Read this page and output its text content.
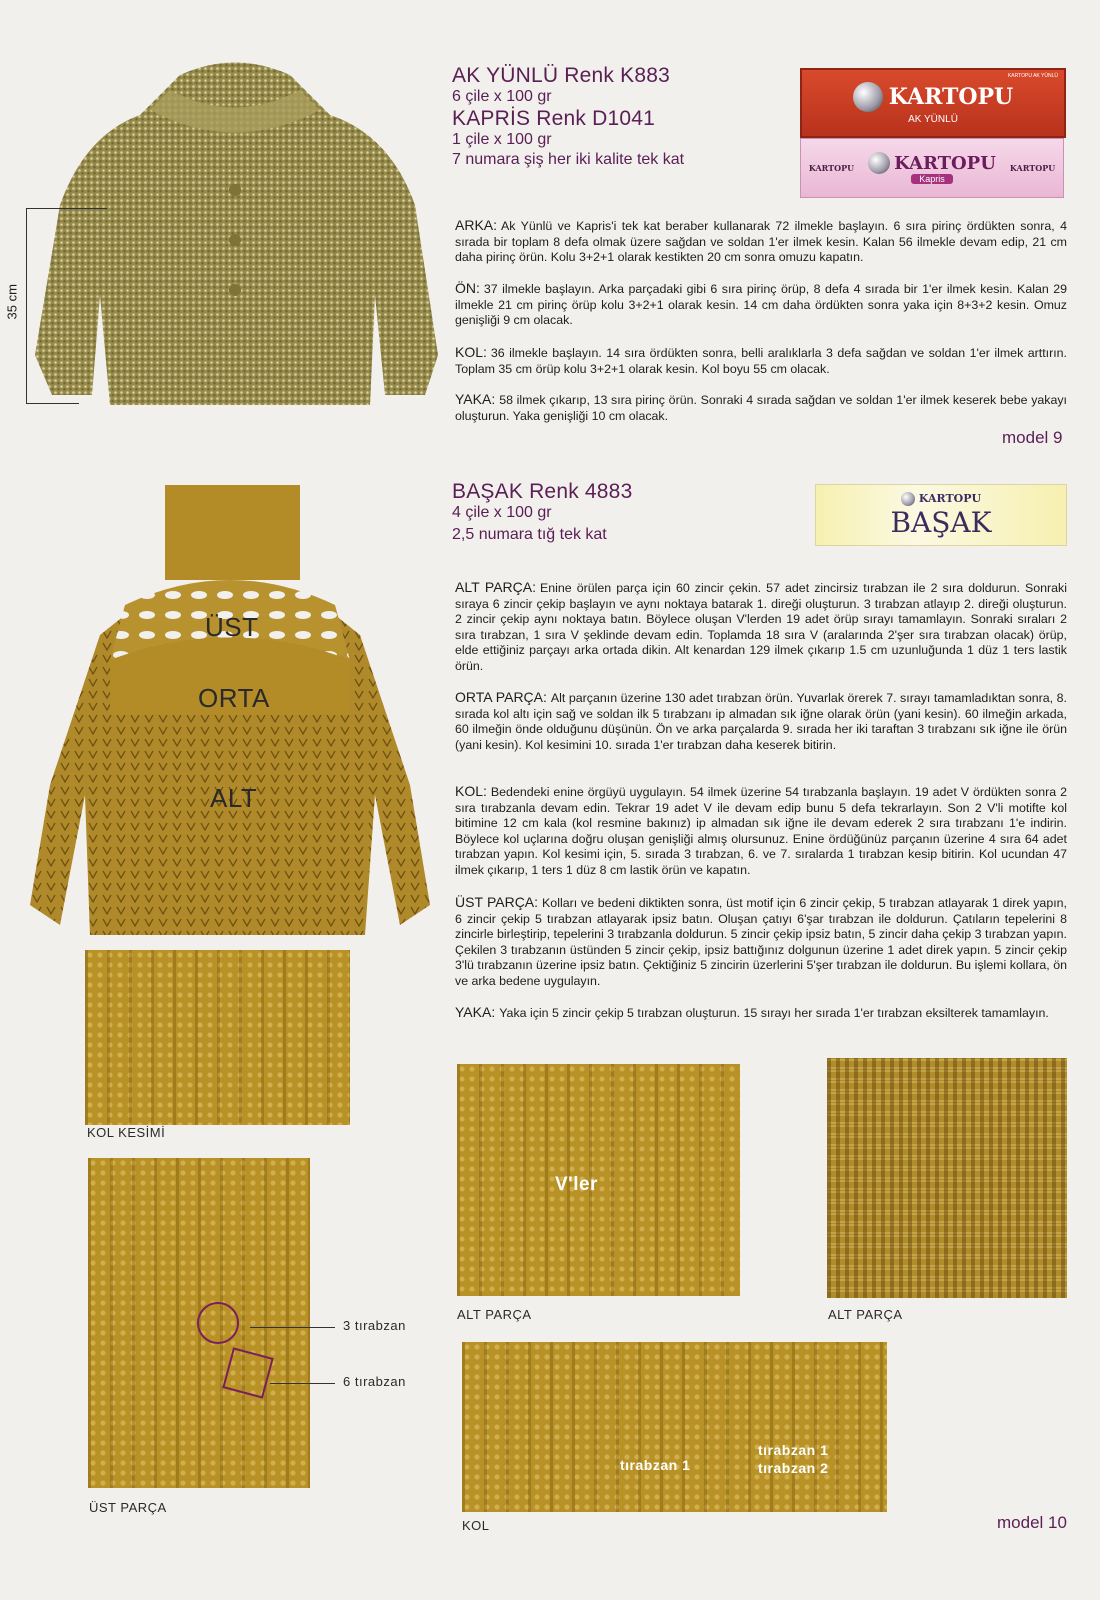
35 cm
AK YÜNLÜ Renk K883
6 çile x 100 gr
KAPRİS Renk D1041
1 çile x 100 gr
7 numara şiş her iki kalite tek kat
KARTOPU
AK YÜNLÜ
KARTOPU AK YÜNLÜ
KARTOPU KARTOPU
Kapris
KARTOPU

ARKA: Ak Yünlü ve Kapris'i tek kat beraber kullanarak 72 ilmekle başlayın. 6 sıra pirinç ördükten sonra, 4 sırada bir toplam 8 defa olmak üzere sağdan ve soldan 1'er ilmek kesin. Kalan 56 ilmekle devam edip, 21 cm daha pirinç örün. Kolu 3+2+1 olarak kestikten 20 cm sonra omuzu kapatın.

ÖN: 37 ilmekle başlayın. Arka parçadaki gibi 6 sıra pirinç örüp, 8 defa 4 sırada bir 1'er ilmek kesin. Kalan 29 ilmekle 21 cm pirinç örüp kolu 3+2+1 olarak kesin. 14 cm daha ördükten sonra yaka için 8+3+2 kesin. Omuz genişliği 9 cm olacak.

KOL: 36 ilmekle başlayın. 14 sıra ördükten sonra, belli aralıklarla 3 defa sağdan ve soldan 1'er ilmek arttırın. Toplam 35 cm örüp kolu 3+2+1 olarak kesin. Kol boyu 55 cm olacak.

YAKA: 58 ilmek çıkarıp, 13 sıra pirinç örün. Sonraki 4 sırada sağdan ve soldan 1'er ilmek keserek bebe yakayı oluşturun. Yaka genişliği 10 cm olacak.

model 9
ÜST
ORTA
ALT
BAŞAK Renk 4883
4 çile x 100 gr
2,5 numara tığ tek kat
KARTOPU
BAŞAK

ALT PARÇA: Enine örülen parça için 60 zincir çekin. 57 adet zincirsiz tırabzan ile 2 sıra doldurun. Sonraki sıraya 6 zincir çekip başlayın ve aynı noktaya batarak 1. direği oluşturun. 3 tırabzan atlayıp 2. direği oluşturun. 2 zincir çekip aynı noktaya batın. Böylece oluşan V'lerden 19 adet örüp sırayı tamamlayın. Sonraki sıraları 2 sıra tırabzan, 1 sıra V şeklinde devam edin. Toplamda 18 sıra V (aralarında 2'şer sıra tırabzan olacak) örüp, elde ettiğiniz parçayı arka ortada dikin. Alt kenardan 129 ilmek çıkarıp 1.5 cm uzunluğunda 1 düz 1 ters lastik örün.

ORTA PARÇA: Alt parçanın üzerine 130 adet tırabzan örün. Yuvarlak örerek 7. sırayı tamamladıktan sonra, 8. sırada kol altı için sağ ve soldan ilk 5 tırabzanı ip almadan sık iğne olarak örün (yani kesin). 60 ilmeğin arkada, 60 ilmeğin önde olduğunu düşünün. Ön ve arka parçalarda 9. sırada her iki taraftan 3 tırabzanı sık iğne ile örün (yani kesin). Kol kesimini 10. sırada 1'er tırabzan daha keserek bitirin.

KOL: Bedendeki enine örgüyü uygulayın. 54 ilmek üzerine 54 tırabzanla başlayın. 19 adet V ördükten sonra 2 sıra tırabzanla devam edin. Tekrar 19 adet V ile devam edip bunu 5 defa tekrarlayın. Son 2 V'li motifte kol bitimine 12 cm kala (kol resmine bakınız) ip almadan sık iğne ile devam ederek 2 sıra tırabzanı 1'e indirin. Böylece kol uçlarına doğru oluşan genişliği almış olursunuz. Enine ördüğünüz parçanın üzerine 4 sıra 64 adet tırabzan yapın. Kol kesimi için, 5. sırada 3 tırabzan, 6. ve 7. sıralarda 1 tırabzan kesip bitirin. Kol ucundan 47 ilmek çıkarıp, 1 ters 1 düz 8 cm lastik örün ve kapatın.

ÜST PARÇA: Kolları ve bedeni diktikten sonra, üst motif için 6 zincir çekip, 5 tırabzan atlayarak 1 direk yapın, 6 zincir çekip 5 tırabzan atlayarak ipsiz batın. Oluşan çatıyı 6'şar tırabzan ile doldurun. Çatıların tepelerini 8 zincirle birleştirip, tepelerini 3 tırabzanla doldurun. 5 zincir çekip ipsiz batın, 5 zincir daha çekip 3 tırabzan yapın. Çekilen 3 tırabzanın üstünden 5 zincir çekip, ipsiz battığınız dolgunun üzerine 1 adet direk yapın. 5 zincir çekip 3'lü tırabzanın üzerine ipsiz batın. Çektiğiniz 5 zincirin üzerlerini 5'şer tırabzan ile doldurun. Bu işlemi kollara, ön ve arka bedene uygulayın.

YAKA: Yaka için 5 zincir çekip 5 tırabzan oluşturun. 15 sırayı her sırada 1'er tırabzan eksilterek tamamlayın.

KOL KESİMİ
3 tırabzan
6 tırabzan
ÜST PARÇA
V'ler
ALT PARÇA	ALT PARÇA
tırabzan 1
tırabzan 1
tırabzan 2
KOL	model 10
